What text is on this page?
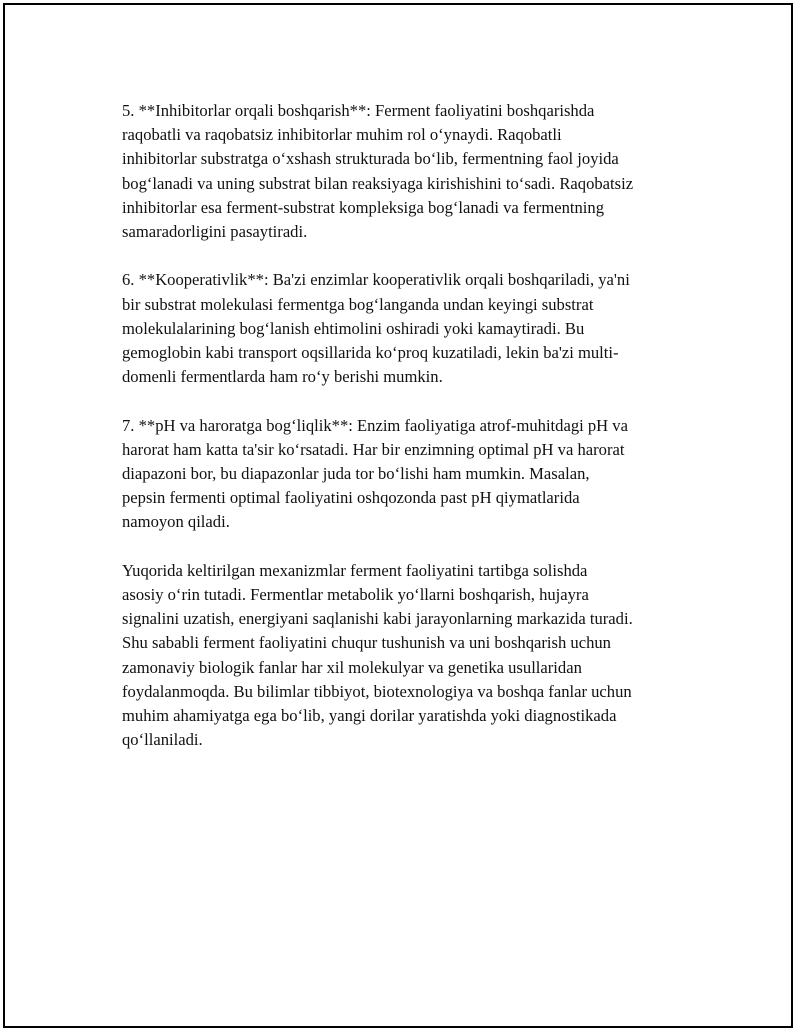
5. **Inhibitorlar orqali boshqarish**: Ferment faoliyatini boshqarishda
raqobatli va raqobatsiz inhibitorlar muhim rol o‘ynaydi. Raqobatli
inhibitorlar substratga o‘xshash strukturada bo‘lib, fermentning faol joyida
bog‘lanadi va uning substrat bilan reaksiyaga kirishishini to‘sadi. Raqobatsiz
inhibitorlar esa ferment-substrat kompleksiga bog‘lanadi va fermentning
samaradorligini pasaytiradi.

6. **Kooperativlik**: Ba'zi enzimlar kooperativlik orqali boshqariladi, ya'ni
bir substrat molekulasi fermentga bog‘langanda undan keyingi substrat
molekulalarining bog‘lanish ehtimolini oshiradi yoki kamaytiradi. Bu
gemoglobin kabi transport oqsillarida ko‘proq kuzatiladi, lekin ba'zi multi-
domenli fermentlarda ham ro‘y berishi mumkin.

7. **pH va haroratga bog‘liqlik**: Enzim faoliyatiga atrof-muhitdagi pH va
harorat ham katta ta'sir ko‘rsatadi. Har bir enzimning optimal pH va harorat
diapazoni bor, bu diapazonlar juda tor bo‘lishi ham mumkin. Masalan,
pepsin fermenti optimal faoliyatini oshqozonda past pH qiymatlarida
namoyon qiladi.

Yuqorida keltirilgan mexanizmlar ferment faoliyatini tartibga solishda
asosiy o‘rin tutadi. Fermentlar metabolik yo‘llarni boshqarish, hujayra
signalini uzatish, energiyani saqlanishi kabi jarayonlarning markazida turadi.
Shu sababli ferment faoliyatini chuqur tushunish va uni boshqarish uchun
zamonaviy biologik fanlar har xil molekulyar va genetika usullaridan
foydalanmoqda. Bu bilimlar tibbiyot, biotexnologiya va boshqa fanlar uchun
muhim ahamiyatga ega bo‘lib, yangi dorilar yaratishda yoki diagnostikada
qo‘llaniladi.
